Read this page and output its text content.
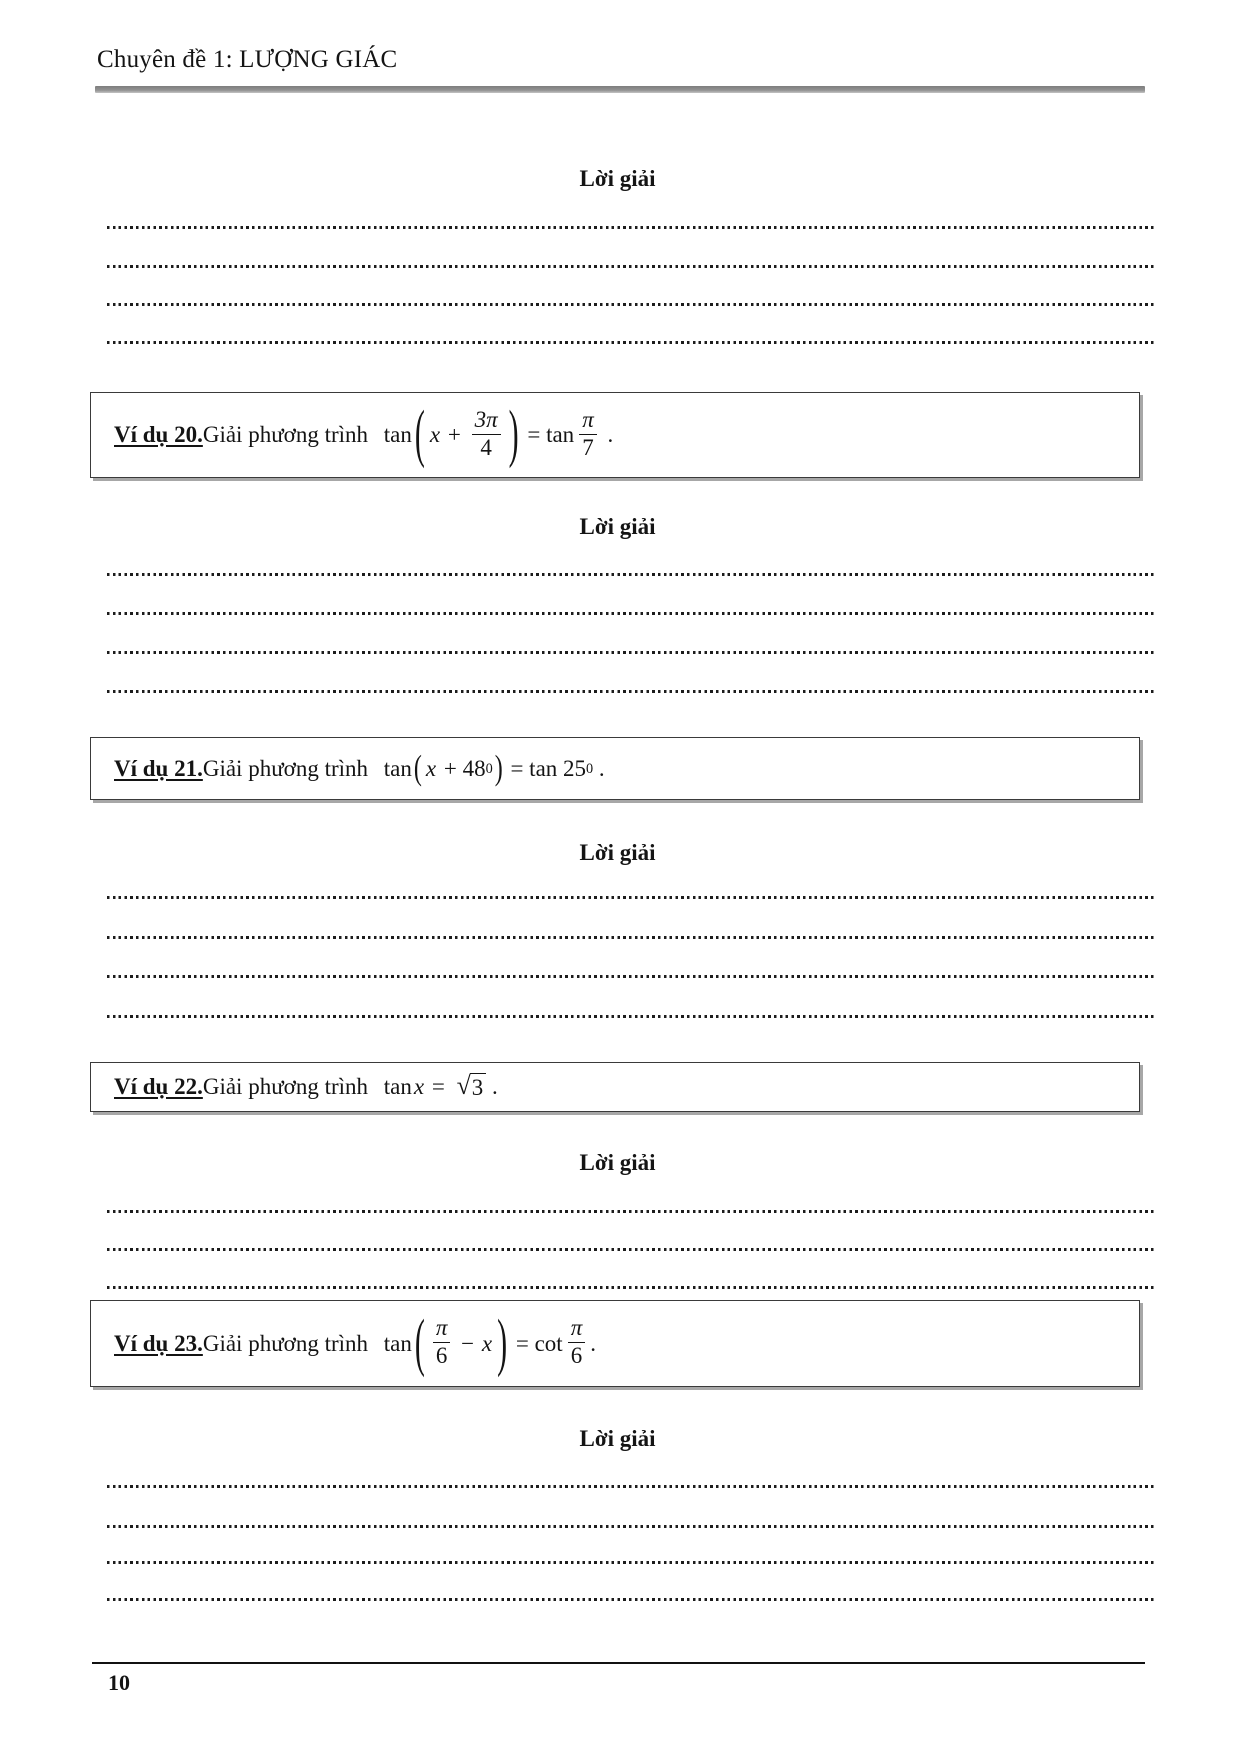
Chuyên đề 1: LƯỢNG GIÁC
Lời giải
Ví dụ 20. Giải phương trình tan ( $x + \frac{3\pi}{4}$ ) = $\tan \frac{\pi}{7}$ .
Lời giải
Ví dụ 21. Giải phương trình tan ( x + 48 0 ) = tan 25 0 .
Lời giải
Ví dụ 22. Giải phương trình tan x = √ 3 .
Lời giải
Ví dụ 23. Giải phương trình tan ( $\frac{\pi}{6} - x$ ) = $\cot \frac{\pi}{6}$ .
Lời giải
10
